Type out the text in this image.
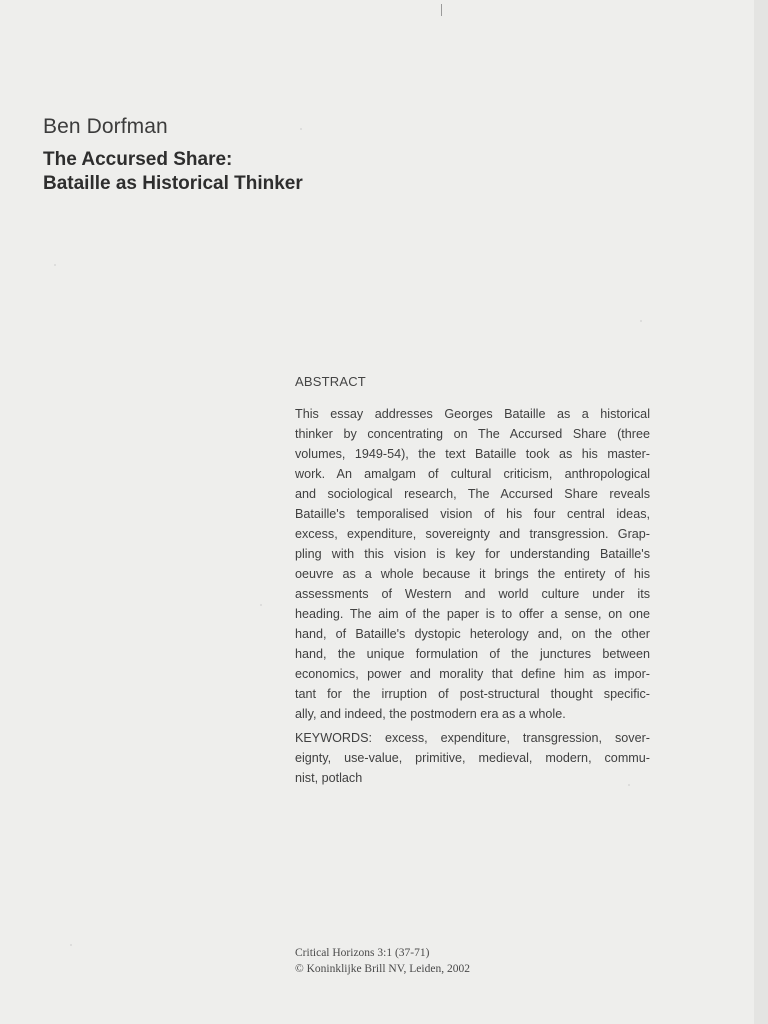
Ben Dorfman
The Accursed Share:
Bataille as Historical Thinker
ABSTRACT
This essay addresses Georges Bataille as a historical
thinker by concentrating on The Accursed Share (three
volumes, 1949-54), the text Bataille took as his master-
work. An amalgam of cultural criticism, anthropological
and sociological research, The Accursed Share reveals
Bataille's temporalised vision of his four central ideas,
excess, expenditure, sovereignty and transgression. Grap-
pling with this vision is key for understanding Bataille's
oeuvre as a whole because it brings the entirety of his
assessments of Western and world culture under its
heading. The aim of the paper is to offer a sense, on one
hand, of Bataille's dystopic heterology and, on the other
hand, the unique formulation of the junctures between
economics, power and morality that define him as impor-
tant for the irruption of post-structural thought specific-
ally, and indeed, the postmodern era as a whole.
KEYWORDS: excess, expenditure, transgression, sover-
eignty, use-value, primitive, medieval, modern, commu-
nist, potlach
Critical Horizons 3:1 (37-71)
© Koninklijke Brill NV, Leiden, 2002
